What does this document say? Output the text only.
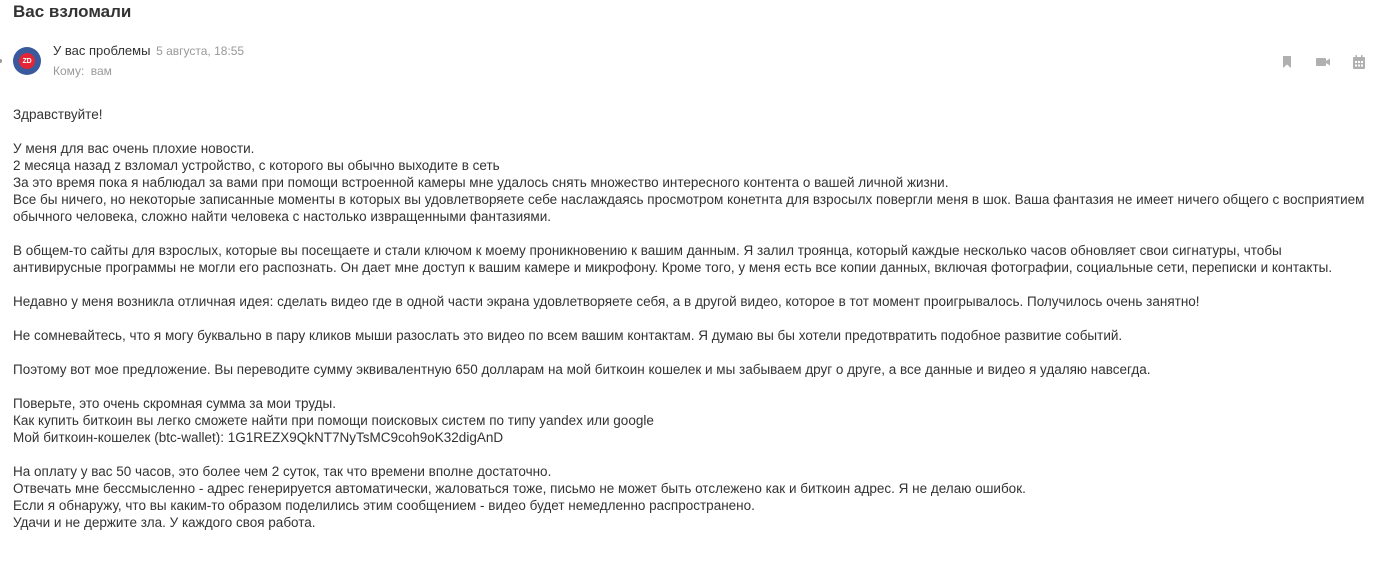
Вас взломали
ZD
У вас проблемы 5 августа, 18:55
Кому: вам

Здравствуйте!

У меня для вас очень плохие новости.
2 месяца назад z взломал устройство, с которого вы обычно выходите в сеть
За это время пока я наблюдал за вами при помощи встроенной камеры мне удалось снять множество интересного контента о вашей личной жизни.
Все бы ничего, но некоторые записанные моменты в которых вы удовлетворяете себе наслаждаясь просмотром конетнта для взросылх повергли меня в шок. Ваша фантазия не имеет ничего общего с восприятием обычного человека, сложно найти человека с настолько извращенными фантазиями.

В общем-то сайты для взрослых, которые вы посещаете и стали ключом к моему проникновению к вашим данным. Я залил троянца, который каждые несколько часов обновляет свои сигнатуры, чтобы антивирусные программы не могли его распознать. Он дает мне доступ к вашим камере и микрофону. Кроме того, у меня есть все копии данных, включая фотографии, социальные сети, переписки и контакты.

Недавно у меня возникла отличная идея: сделать видео где в одной части экрана удовлетворяете себя, а в другой видео, которое в тот момент проигрывалось. Получилось очень занятно!

Не сомневайтесь, что я могу буквально в пару кликов мыши разослать это видео по всем вашим контактам. Я думаю вы бы хотели предотвратить подобное развитие событий.

Поэтому вот мое предложение. Вы переводите сумму эквивалентную 650 долларам на мой биткоин кошелек и мы забываем друг о друге, а все данные и видео я удаляю навсегда.

Поверьте, это очень скромная сумма за мои труды.
Как купить биткоин вы легко сможете найти при помощи поисковых систем по типу yandex или google
Мой биткоин-кошелек (btc-wallet): 1G1REZX9QkNT7NyTsMC9coh9oK32digAnD

На оплату у вас 50 часов, это более чем 2 суток, так что времени вполне достаточно.
Отвечать мне бессмысленно - адрес генерируется автоматически, жаловаться тоже, письмо не может быть отслежено как и биткоин адрес. Я не делаю ошибок.
Если я обнаружу, что вы каким-то образом поделились этим сообщением - видео будет немедленно распространено.
Удачи и не держите зла. У каждого своя работа.
